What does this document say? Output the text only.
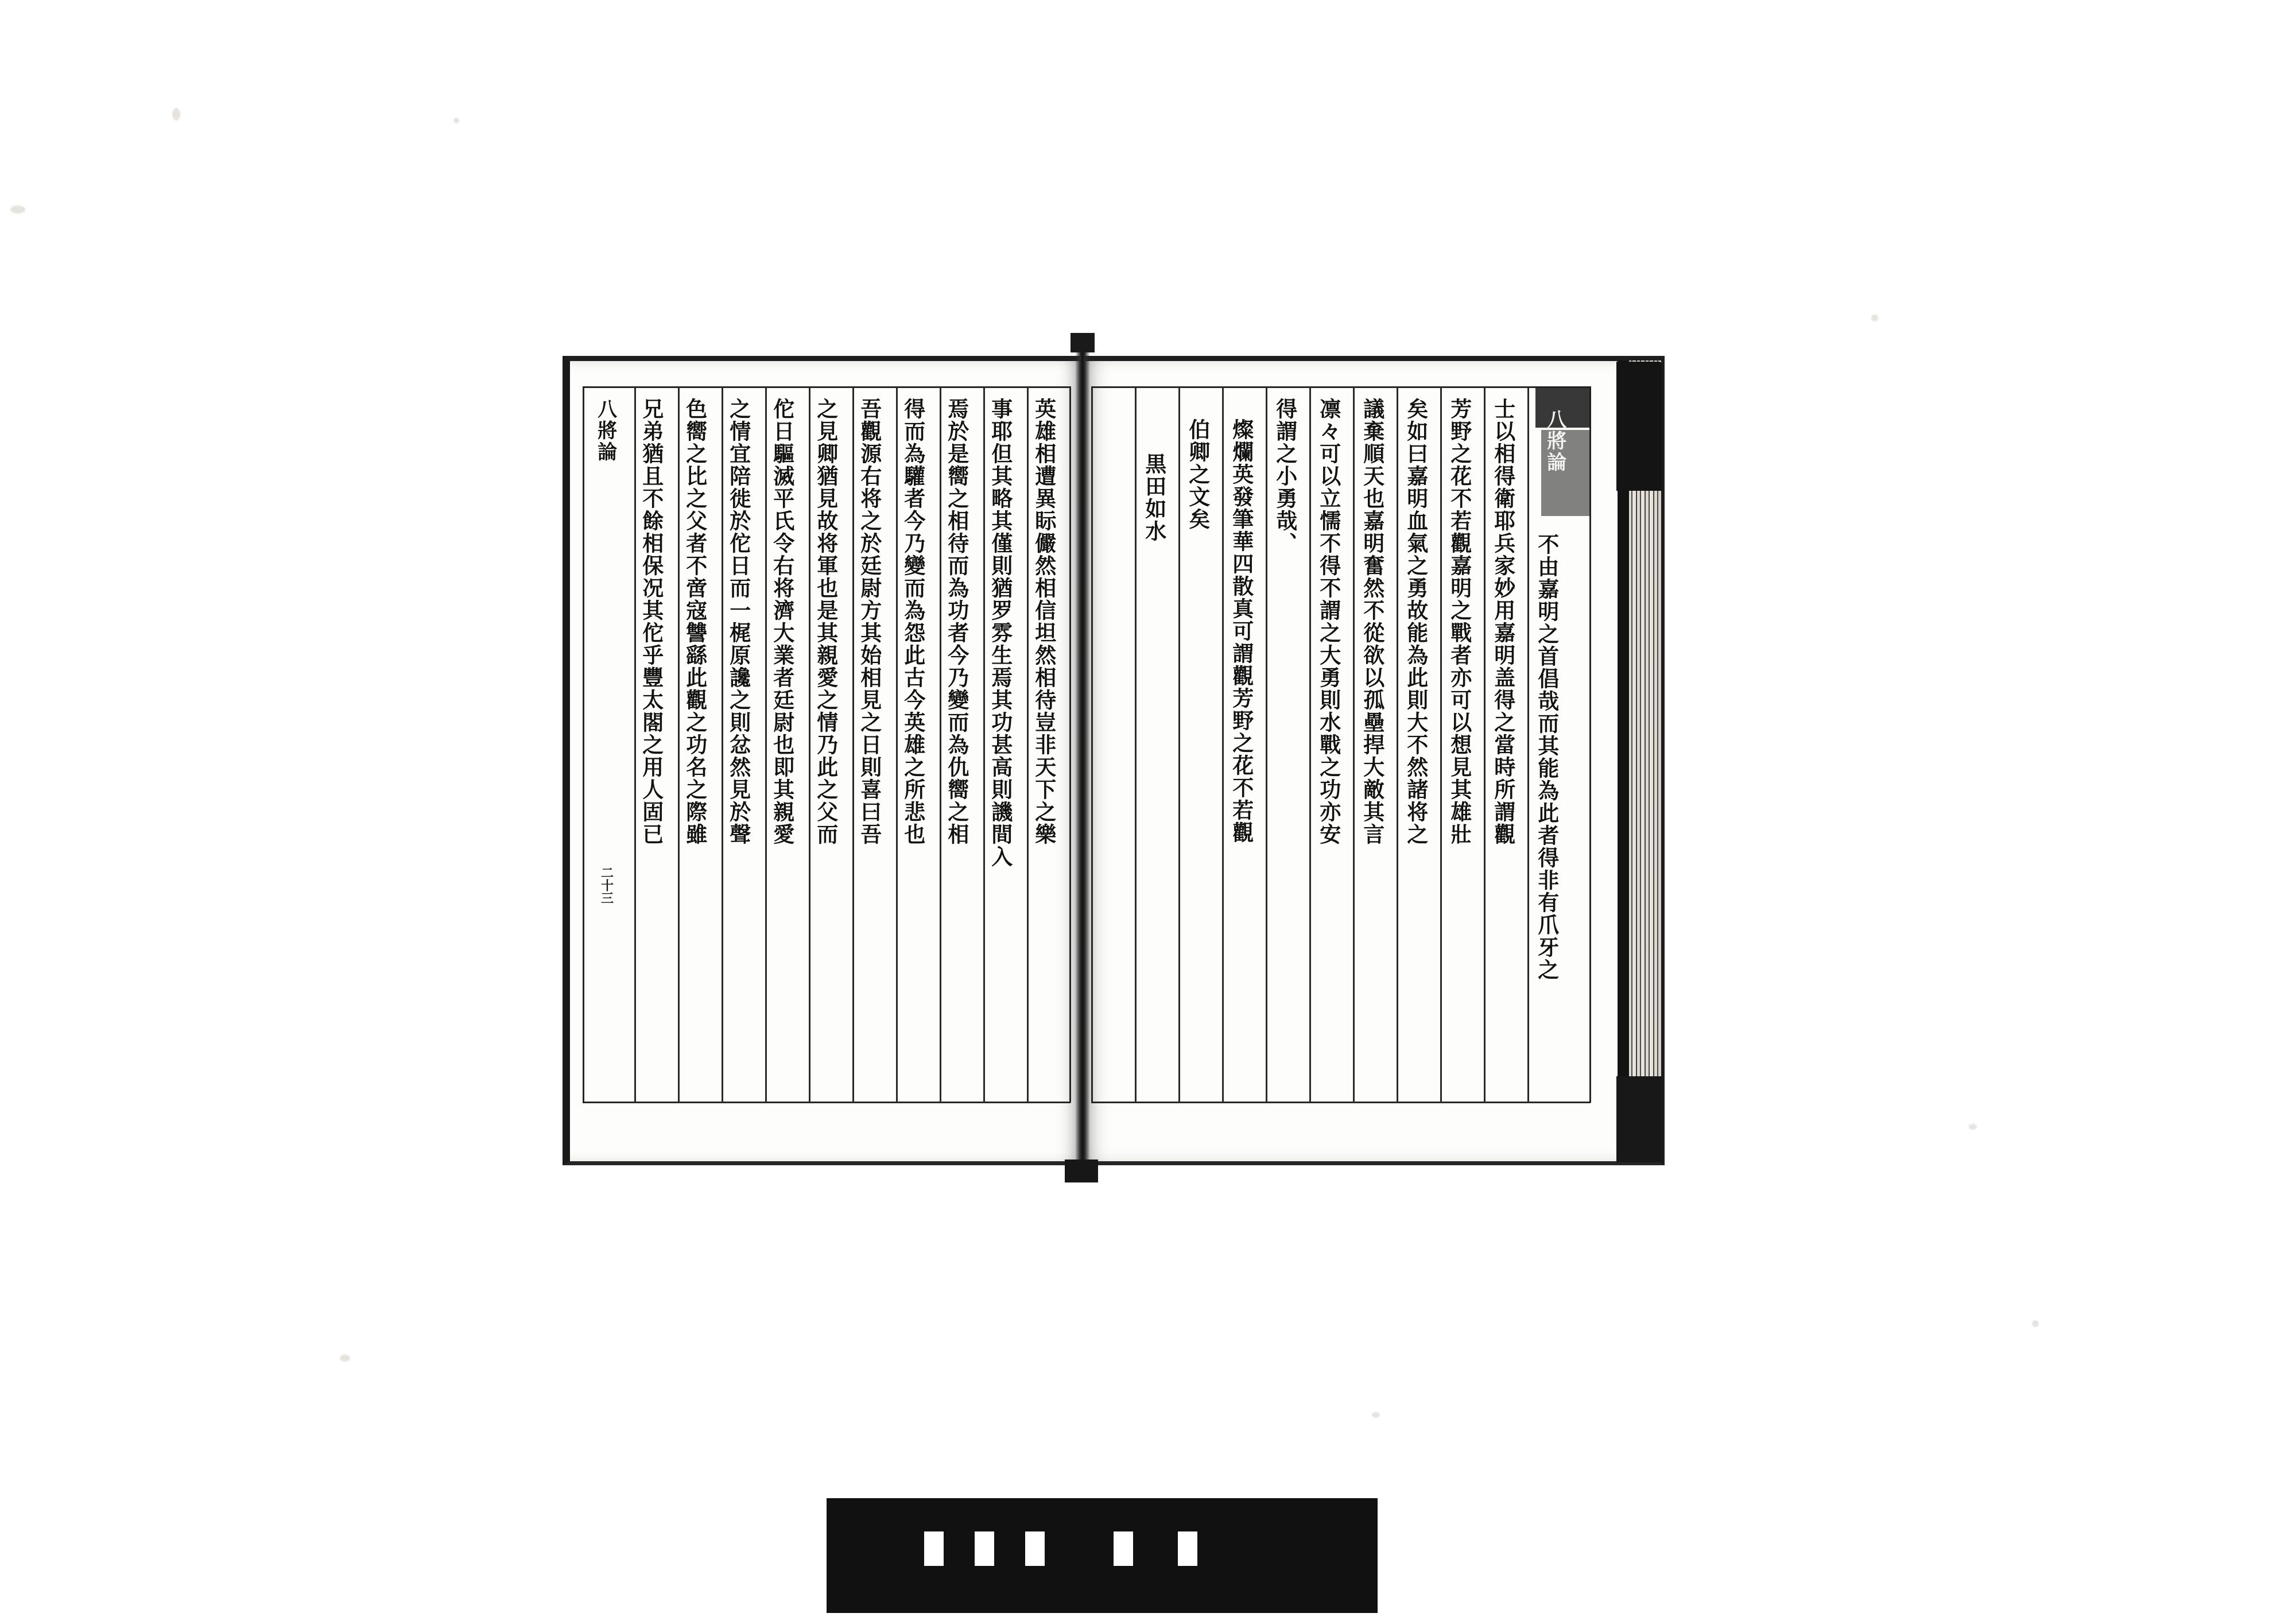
八將論
二十三
英雄相遭異眎儼然相信坦然相待豈非天下之樂
事耶但其略其僅則猶罗雰生焉其功甚高則譏間入
焉於是嚮之相待而為功者今乃變而為仇嚮之相
得而為驩者今乃變而為怨此古今英雄之所悲也
吾觀源右将之於廷尉方其始相見之日則喜曰吾
之見卿猶見故将軍也是其親愛之情乃此之父而
佗日驅滅平氏令右将濟大業者廷尉也即其親愛
之情宜陪徙於佗日而一梶原讒之則忿然見於聲
色嚮之比之父者不啻寇讐繇此觀之功名之際雖
兄弟猶且不餘相保况其佗乎豐太閤之用人固已	八將論
不由嘉明之首倡哉而其能為此者得非有爪牙之
士以相得衛耶兵家妙用嘉明盖得之當時所謂觀
芳野之花不若觀嘉明之戰者亦可以想見其雄壯
矣如曰嘉明血氣之勇故能為此則大不然諸将之
議棄順天也嘉明奮然不從欲以孤壘捍大敵其言
凛々可以立懦不得不謂之大勇則水戰之功亦安
得謂之小勇哉、
燦爛英發筆華四散真可謂觀芳野之花不若觀
伯卿之文矣
黒田如水
